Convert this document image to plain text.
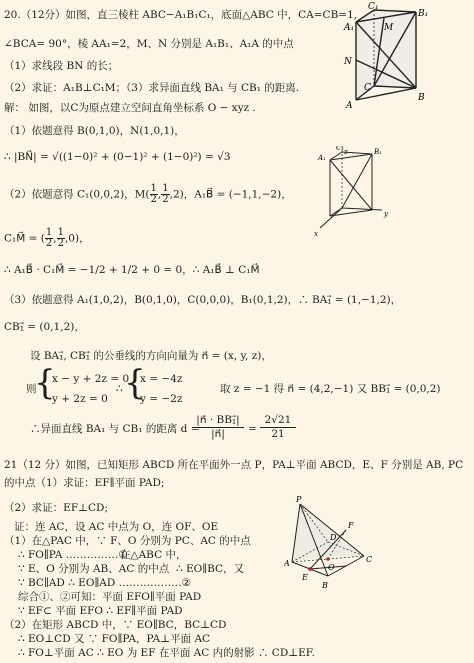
20.（12分）如图，直三棱柱 ABC−A₁B₁C₁，底面△ABC 中，CA=CB=1,
∠BCA= 90°，棱 AA₁=2，M、N 分别是 A₁B₁、A₁A 的中点
（1）求线段 BN 的长；
（2）求证：A₁B⊥C₁M；（3）求异面直线 BA₁ 与 CB₁ 的距离.
解： 如图，以C为原点建立空间直角坐标系 O − xyz .
（1）依题意得 B(0,1,0)，N(1,0,1)，
∴ |BN⃗| = √((1−0)² + (0−1)² + (1−0)²) = √3
（2）依题意得 C₁(0,0,2)，$M( \frac{1}{2}$ , $\frac{1}{2} ,2$)，A₁B⃗ = (−1,1,−2)，
C₁M⃗ = ( $\frac{1}{2}$ , $\frac{1}{2} ,0$)，
∴ A₁B⃗ · C₁M⃗ = −1/2 + 1/2 + 0 = 0，∴ A₁B⃗ ⊥ C₁M⃗
（3）依题意得 A₁(1,0,2)，B(0,1,0)，C(0,0,0)，B₁(0,1,2)，∴ BA₁⃗ = (1,−1,2)，
CB₁⃗ = (0,1,2)，
设 BA₁⃗, CB₁⃗ 的公垂线的方向向量为 n⃗ = (x, y, z)，
则
{
x − y + 2z = 0
y + 2z = 0
∴ {
x = −4z
y = −2z
取 z = −1 得 n⃗ = (4,2,−1) 又 BB₁⃗ = (0,0,2)
∴异面直线 BA₁ 与 CB₁ 的距离 d =
|n⃗ · BB₁⃗|
|n⃗|	=
2√21
21
A₁
B₁
C₁
M
N
C
A
B
A₁
B₁
C₁ z
x
y
21（12 分）如图，已知矩形 ABCD 所在平面外一点 P，PA⊥平面 ABCD，E、F 分别是 AB, PC
的中点（1）求证：EF∥平面 PAD;
（2）求证：EF⊥CD;
证：连 AC，设 AC 中点为 O，连 OF、OE
（1）在△PAC 中，∵ F、O 分别为 PC、AC 的中点
∴ FO∥PA ……………①
在△ABC 中，
∵ E、O 分别为 AB、AC 的中点 ∴ EO∥BC，又
∵ BC∥AD ∴ EO∥AD ………………②
综合①、②可知：平面 EFO∥平面 PAD
∵ EF⊂ 平面 EFO ∴ EF∥平面 PAD
（2）在矩形 ABCD 中，∵ EO∥BC，BC⊥CD
∴ EO⊥CD 又 ∵ FO∥PA，PA⊥平面 AC
∴ FO⊥平面 AC ∴ EO 为 EF 在平面 AC 内的射影 ∴ CD⊥EF.
P
A
B
C
D
E
O
F
